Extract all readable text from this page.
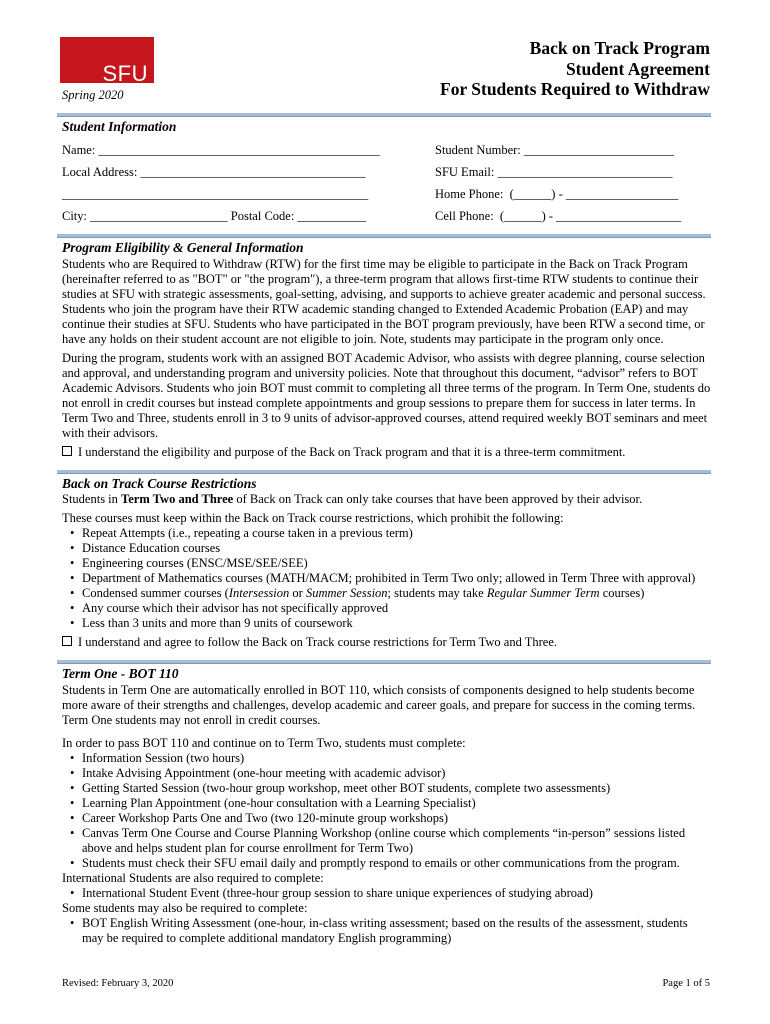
SFU
Spring 2020
Back on Track Program
Student Agreement
For Students Required to Withdraw
Student Information
Name: _____________________________________________
Local Address: ____________________________________
_________________________________________________
City: ______________________ Postal Code: ___________
Student Number: ________________________
SFU Email: ____________________________
Home Phone:  (______) - __________________
Cell Phone:  (______) - ____________________
Program Eligibility & General Information

Students who are Required to Withdraw (RTW) for the first time may be eligible to participate in the Back on Track Program (hereinafter referred to as "BOT" or "the program"), a three-term program that allows first-time RTW students to continue their studies at SFU with strategic assessments, goal-setting, advising, and supports to achieve greater academic and personal success. Students who join the program have their RTW academic standing changed to Extended Academic Probation (EAP) and may continue their studies at SFU. Students who have participated in the BOT program previously, have been RTW a second time, or have any holds on their student account are not eligible to join. Note, students may participate in the program only once.

During the program, students work with an assigned BOT Academic Advisor, who assists with degree planning, course selection and approval, and understanding program and university policies. Note that throughout this document, “advisor” refers to BOT Academic Advisors. Students who join BOT must commit to completing all three terms of the program. In Term One, students do not enroll in credit courses but instead complete appointments and group sessions to prepare them for success in later terms. In Term Two and Three, students enroll in 3 to 9 units of advisor-approved courses, attend required weekly BOT seminars and meet with their advisors.

I understand the eligibility and purpose of the Back on Track program and that it is a three-term commitment.
Back on Track Course Restrictions

Students in Term Two and Three of Back on Track can only take courses that have been approved by their advisor.

These courses must keep within the Back on Track course restrictions, which prohibit the following:

• Repeat Attempts (i.e., repeating a course taken in a previous term)
• Distance Education courses
• Engineering courses (ENSC/MSE/SEE/SEE)
• Department of Mathematics courses (MATH/MACM; prohibited in Term Two only; allowed in Term Three with approval)
• Condensed summer courses (Intersession or Summer Session; students may take Regular Summer Term courses)
• Any course which their advisor has not specifically approved
• Less than 3 units and more than 9 units of coursework
I understand and agree to follow the Back on Track course restrictions for Term Two and Three.
Term One - BOT 110

Students in Term One are automatically enrolled in BOT 110, which consists of components designed to help students become more aware of their strengths and challenges, develop academic and career goals, and prepare for success in the coming terms. Term One students may not enroll in credit courses.

In order to pass BOT 110 and continue on to Term Two, students must complete:

• Information Session (two hours)
• Intake Advising Appointment (one-hour meeting with academic advisor)
• Getting Started Session (two-hour group workshop, meet other BOT students, complete two assessments)
• Learning Plan Appointment (one-hour consultation with a Learning Specialist)
• Career Workshop Parts One and Two (two 120-minute group workshops)
• Canvas Term One Course and Course Planning Workshop (online course which complements “in-person” sessions listed above and helps student plan for course enrollment for Term Two)
• Students must check their SFU email daily and promptly respond to emails or other communications from the program.

International Students are also required to complete:

• International Student Event (three-hour group session to share unique experiences of studying abroad)
Some students may also be required to complete:
• BOT English Writing Assessment (one-hour, in-class writing assessment; based on the results of the assessment, students may be required to complete additional mandatory English programming)
Revised: February 3, 2020	Page 1 of 5
